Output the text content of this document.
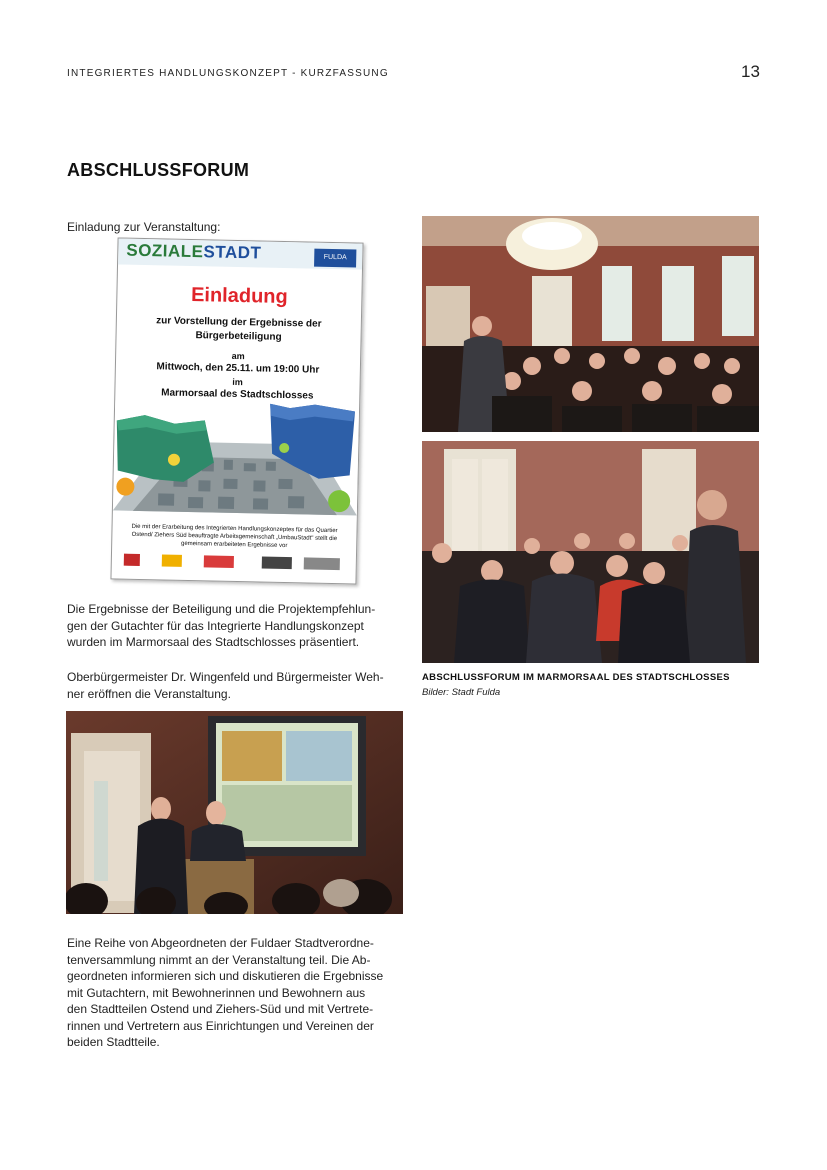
INTEGRIERTES HANDLUNGSKONZEPT - KURZFASSUNG	13
ABSCHLUSSFORUM
Einladung zur Veranstaltung:
Die Ergebnisse der Beteiligung und die Projektempfehlun-
gen der Gutachter für das Integrierte Handlungskonzept
wurden im Marmorsaal des Stadtschlosses präsentiert.
Oberbürgermeister Dr. Wingenfeld und Bürgermeister Weh-
ner eröffnen die Veranstaltung.
Eine Reihe von Abgeordneten der Fuldaer Stadtverordne-
tenversammlung nimmt an der Veranstaltung teil. Die Ab-
geordneten informieren sich und diskutieren die Ergebnisse
mit Gutachtern, mit Bewohnerinnen und Bewohnern aus
den Stadtteilen Ostend und Ziehers-Süd und mit Vertrete-
rinnen und Vertretern aus Einrichtungen und Vereinen der
beiden Stadtteile.
SOZIALESTADT	FULDA
Einladung
zur Vorstellung der Ergebnisse der
Bürgerbeteiligung
am
Mittwoch, den 25.11. um 19:00 Uhr
im
Marmorsaal des Stadtschlosses
Die mit der Erarbeitung des Integrierten Handlungskonzeptes für das Quartier
Ostend/ Ziehers Süd beauftragte Arbeitsgemeinschaft „UmbauStadt" stellt die
gemeinsam erarbeiteten Ergebnisse vor
ABSCHLUSSFORUM IM MARMORSAAL DES STADTSCHLOSSES
Bilder: Stadt Fulda
